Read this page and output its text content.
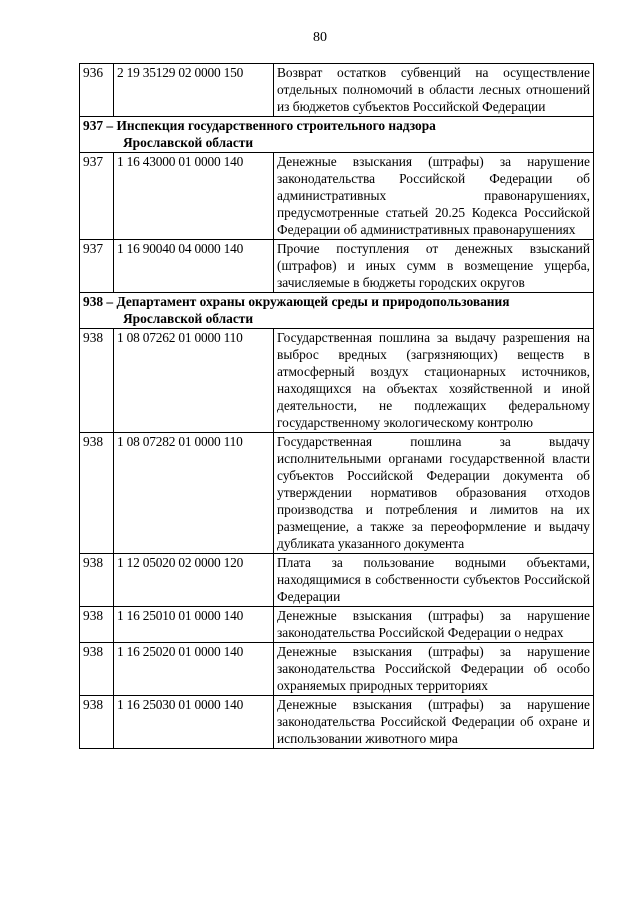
80
936	2 19 35129 02 0000 150	Возврат остатков субвенций на осуществление отдельных полномочий в области лесных отношений из бюджетов субъектов Российской Федерации
937 – Инспекция государственного строительного надзора
Ярославской области		

937	1 16 43000 01 0000 140	Денежные взыскания (штрафы) за нарушение законодательства Российской Федерации об административных правонарушениях, предусмотренные статьей 20.25 Кодекса Российской Федерации об административных правонарушениях
937	1 16 90040 04 0000 140	Прочие поступления от денежных взысканий (штрафов) и иных сумм в возмещение ущерба, зачисляемые в бюджеты городских округов
938 – Департамент охраны окружающей среды и природопользования
Ярославской области		

938	1 08 07262 01 0000 110	Государственная пошлина за выдачу разрешения на выброс вредных (загрязняющих) веществ в атмосферный воздух стационарных источников, находящихся на объектах хозяйственной и иной деятельности, не подлежащих федеральному государственному экологическому контролю
938	1 08 07282 01 0000 110	Государственная пошлина за выдачу исполнительными органами государственной власти субъектов Российской Федерации документа об утверждении нормативов образования отходов производства и потребления и лимитов на их размещение, а также за переоформление и выдачу дубликата указанного документа
938	1 12 05020 02 0000 120	Плата за пользование водными объектами, находящимися в собственности субъектов Российской Федерации
938	1 16 25010 01 0000 140	Денежные взыскания (штрафы) за нарушение законодательства Российской Федерации о недрах
938	1 16 25020 01 0000 140	Денежные взыскания (штрафы) за нарушение законодательства Российской Федерации об особо охраняемых природных территориях
938	1 16 25030 01 0000 140	Денежные взыскания (штрафы) за нарушение законодательства Российской Федерации об охране и использовании животного мира
